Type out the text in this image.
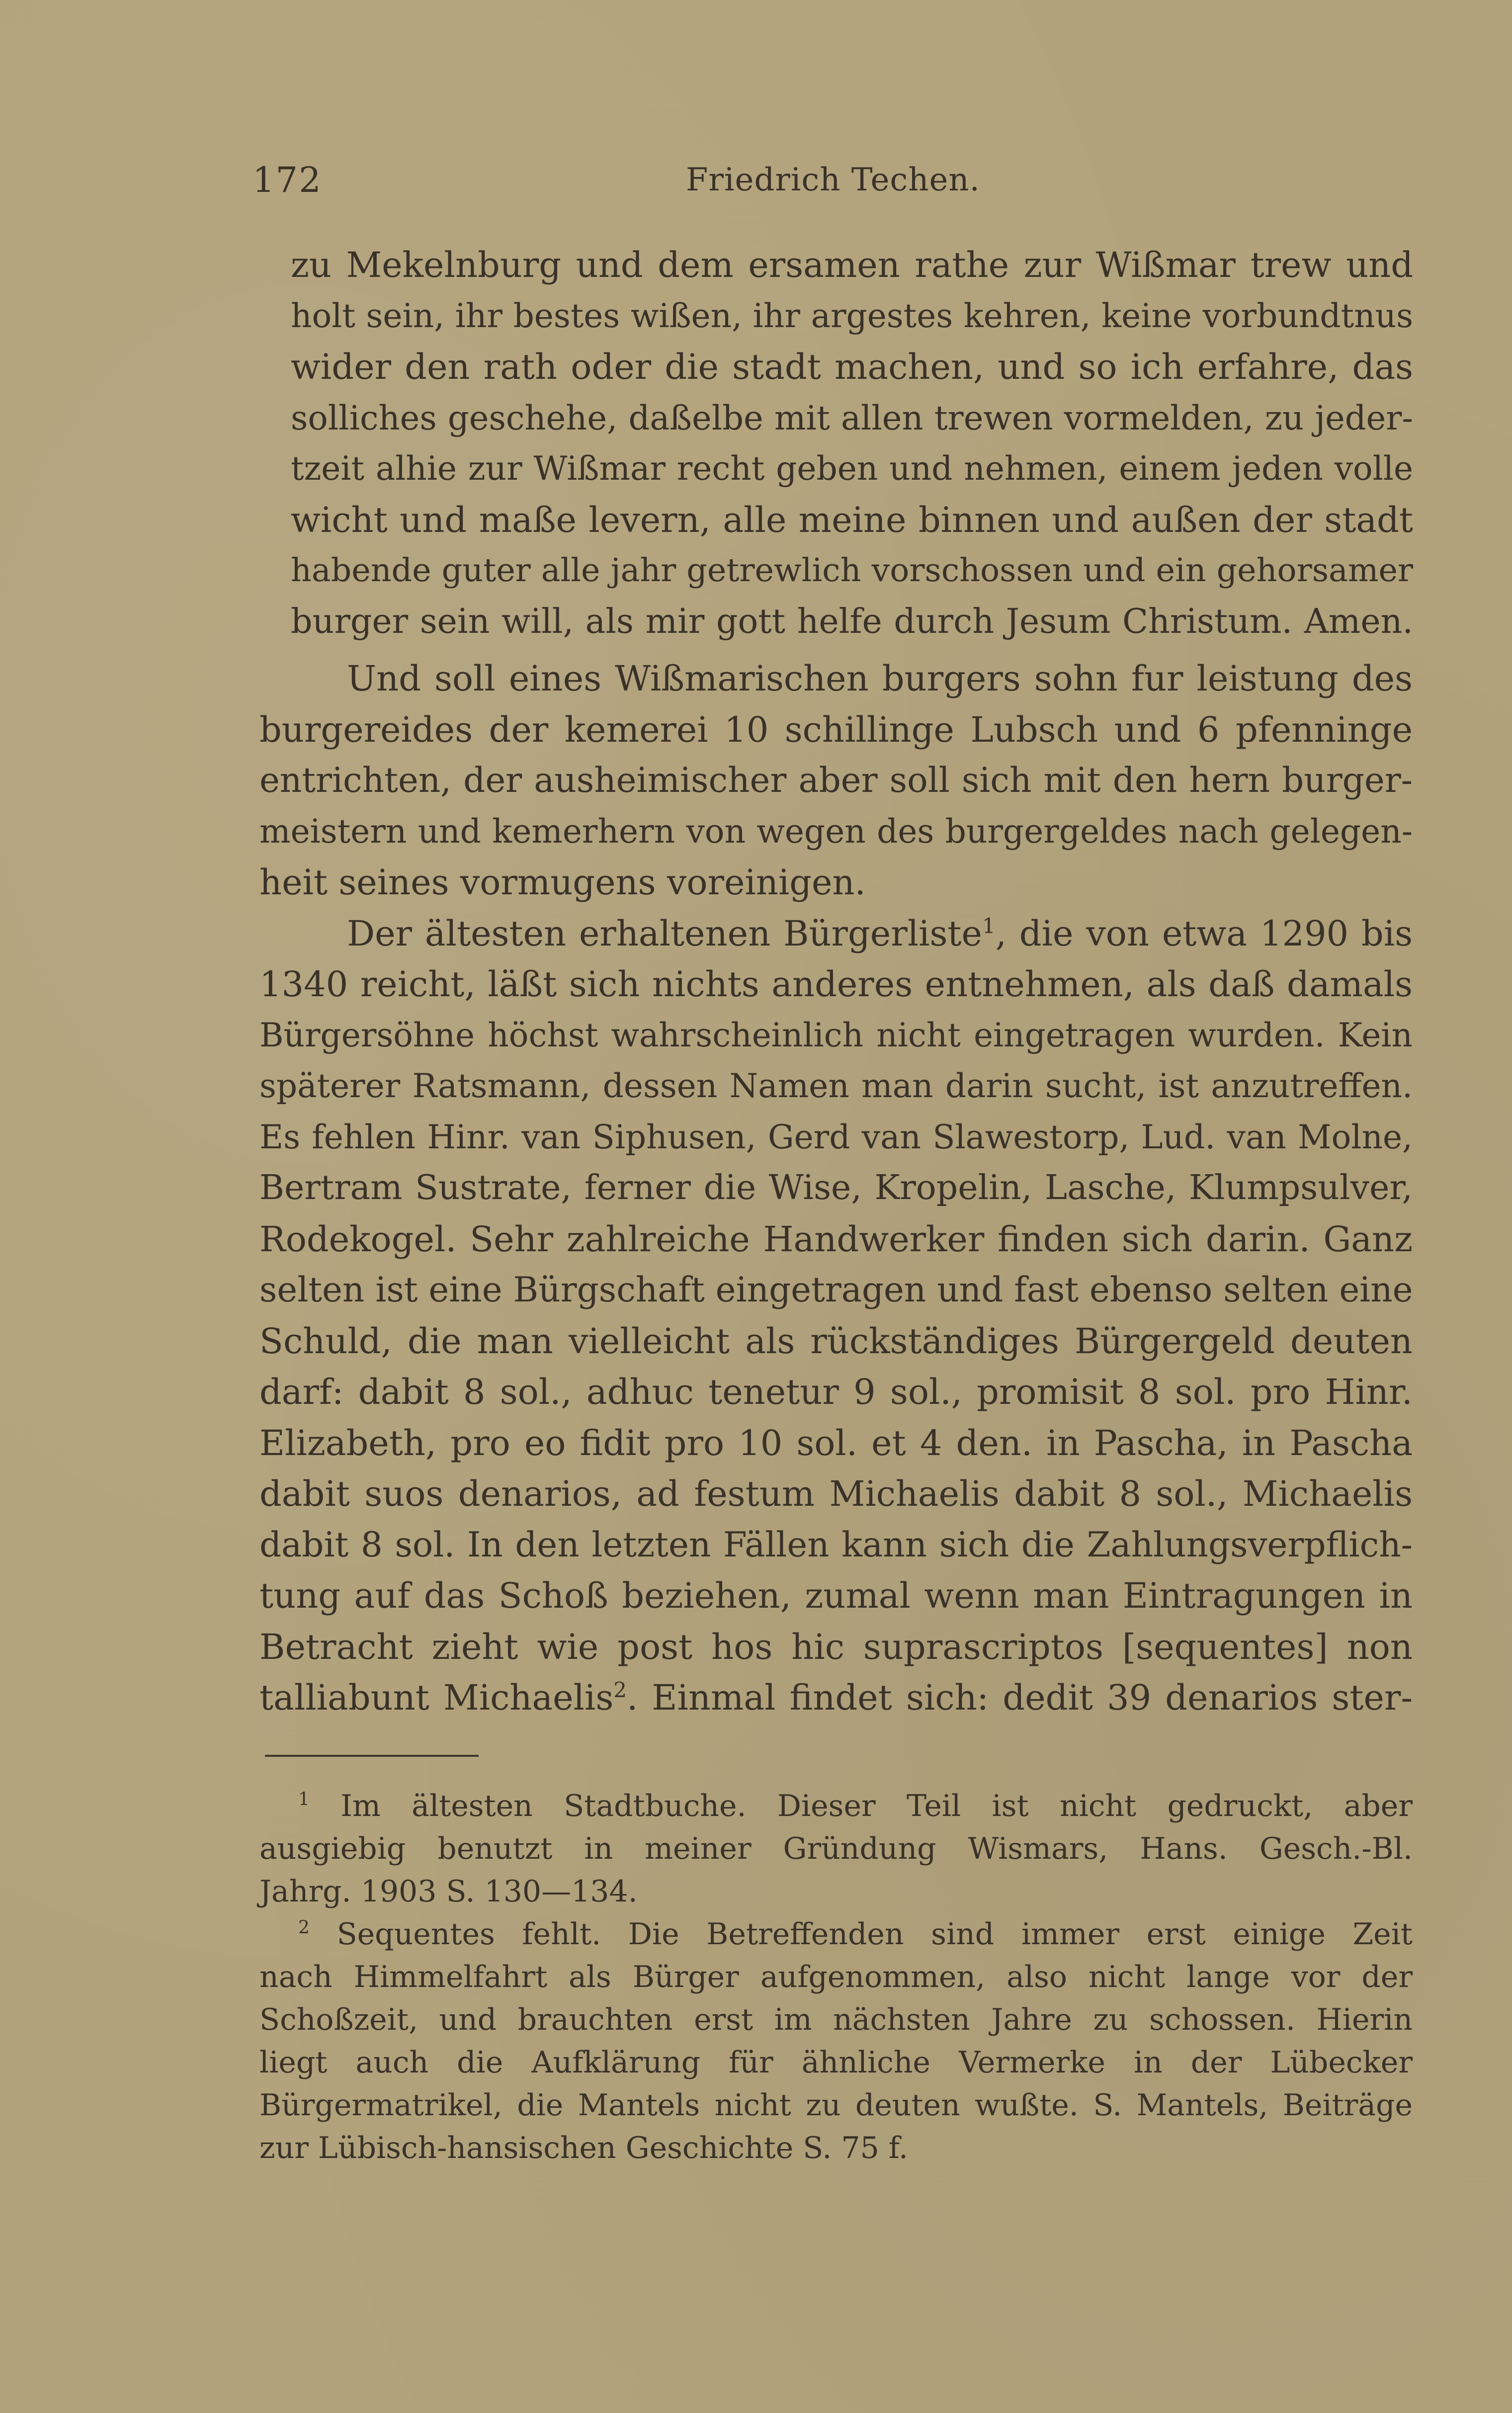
172	Friedrich Techen.
zu Mekelnburg und dem ersamen rathe zur Wißmar trew und
holt sein, ihr bestes wißen, ihr argestes kehren, keine vorbundtnus
wider den rath oder die stadt machen, und so ich erfahre, das
solliches geschehe, daßelbe mit allen trewen vormelden, zu jeder-
tzeit alhie zur Wißmar recht geben und nehmen, einem jeden volle
wicht und maße levern, alle meine binnen und außen der stadt
habende guter alle jahr getrewlich vorschossen und ein gehorsamer
burger sein will, als mir gott helfe durch Jesum Christum. Amen.
Und soll eines Wißmarischen burgers sohn fur leistung des
burgereides der kemerei 10 schillinge Lubsch und 6 pfenninge
entrichten, der ausheimischer aber soll sich mit den hern burger-
meistern und kemerhern von wegen des burgergeldes nach gelegen-
heit seines vormugens voreinigen.
Der ältesten erhaltenen Bürgerliste$^1$, die von etwa 1290 bis
1340 reicht, läßt sich nichts anderes entnehmen, als daß damals
Bürgersöhne höchst wahrscheinlich nicht eingetragen wurden. Kein
späterer Ratsmann, dessen Namen man darin sucht, ist anzutreffen.
Es fehlen Hinr. van Siphusen, Gerd van Slawestorp, Lud. van Molne,
Bertram Sustrate, ferner die Wise, Kropelin, Lasche, Klumpsulver,
Rodekogel. Sehr zahlreiche Handwerker finden sich darin. Ganz
selten ist eine Bürgschaft eingetragen und fast ebenso selten eine
Schuld, die man vielleicht als rückständiges Bürgergeld deuten
darf: dabit 8 sol., adhuc tenetur 9 sol., promisit 8 sol. pro Hinr.
Elizabeth, pro eo fidit pro 10 sol. et 4 den. in Pascha, in Pascha
dabit suos denarios, ad festum Michaelis dabit 8 sol., Michaelis
dabit 8 sol. In den letzten Fällen kann sich die Zahlungsverpflich-
tung auf das Schoß beziehen, zumal wenn man Eintragungen in
Betracht zieht wie post hos hic suprascriptos [sequentes] non
talliabunt Michaelis$^2$. Einmal findet sich: dedit 39 denarios ster-
$^1$ Im ältesten Stadtbuche. Dieser Teil ist nicht gedruckt, aber
ausgiebig benutzt in meiner Gründung Wismars, Hans. Gesch.-Bl.
Jahrg. 1903 S. 130—134.
$^2$ Sequentes fehlt. Die Betreffenden sind immer erst einige Zeit
nach Himmelfahrt als Bürger aufgenommen, also nicht lange vor der
Schoßzeit, und brauchten erst im nächsten Jahre zu schossen. Hierin
liegt auch die Aufklärung für ähnliche Vermerke in der Lübecker
Bürgermatrikel, die Mantels nicht zu deuten wußte. S. Mantels, Beiträge
zur Lübisch-hansischen Geschichte S. 75 f.
